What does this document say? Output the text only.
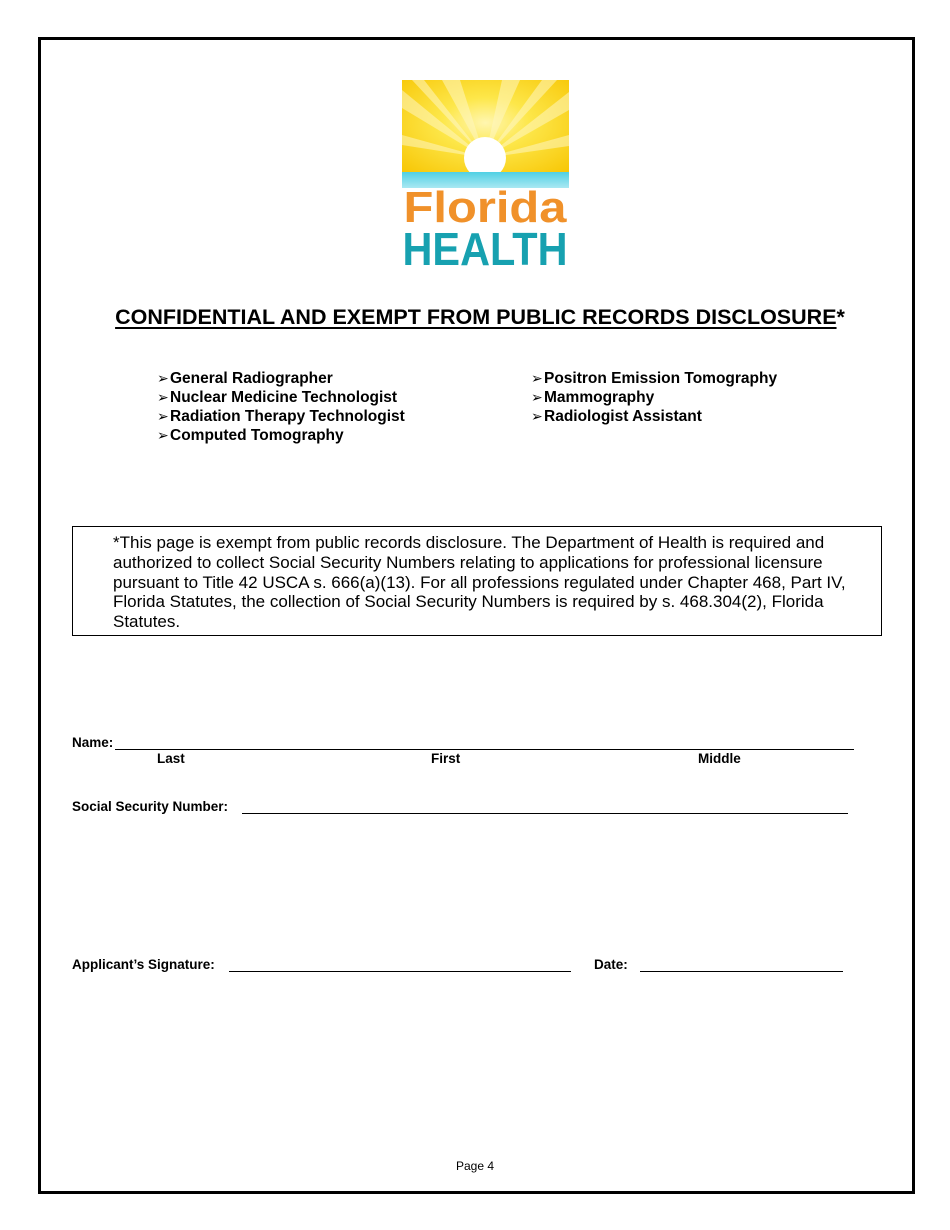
Florida
HEALTH
CONFIDENTIAL AND EXEMPT FROM PUBLIC RECORDS DISCLOSURE*
➢General Radiographer
➢Nuclear Medicine Technologist
➢Radiation Therapy Technologist
➢Computed Tomography
➢Positron Emission Tomography
➢Mammography
➢Radiologist Assistant
*This page is exempt from public records disclosure. The Department of Health is required and authorized to collect Social Security Numbers relating to applications for professional licensure pursuant to Title 42 USCA s. 666(a)(13). For all professions regulated under Chapter 468, Part IV, Florida Statutes, the collection of Social Security Numbers is required by s. 468.304(2), Florida Statutes.
Name:
Last	First	Middle
Social Security Number:
Applicant’s Signature:	Date:
Page 4
